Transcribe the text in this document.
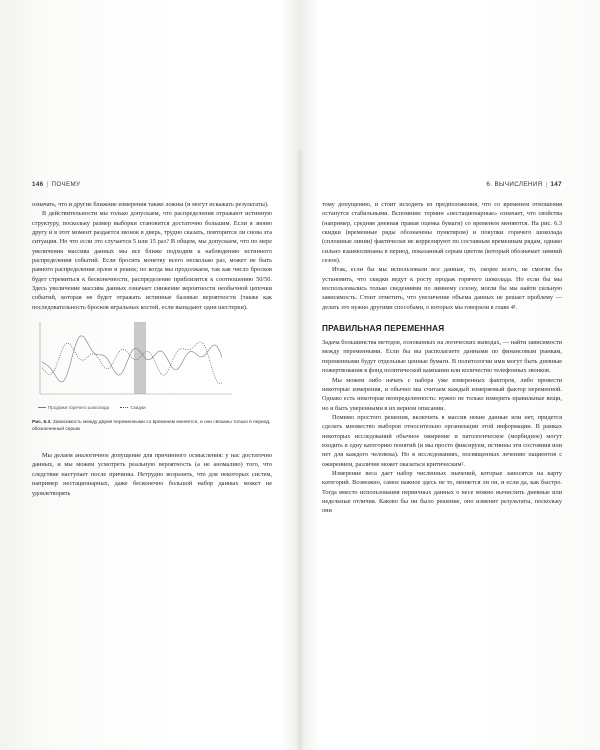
146 | ПОЧЕМУ

означать, что и другие ближние измерения также ложны (и могут искажать результаты).

В действительности мы только допускаем, что распределения отражают истинную структуру, поскольку размер выборки становится достаточно большим. Если я звоню другу и в этот момент раздается звонок в дверь, трудно сказать, повторится ли снова эта ситуация. Но что если это случается 5 или 15 раз? В общем, мы допускаем, что по мере увеличения массива данных мы все ближе подходим к наблюдению истинного распределения событий. Если бросить монетку всего несколько раз, может не быть равного распределения орлов и решек; но когда мы продолжаем, так как число бросков будет стремиться к бесконечности, распределение приблизится к соотношению 50/50. Здесь увеличение массива данных означает снижение вероятности необычной цепочки событий, которая не будет отражать истинные базовые вероятности (также как последовательность бросков игральных костей, если выпадают одни шестерки).

Продажи горячего шоколада	Скидки
Рис. 6.3. Зависимость между двумя переменными со временем меняется, и они связаны только в период, обозначенный серым

Мы делаем аналогичное допущение для причинного осмысления: у нас достаточно данных, и мы можем усмотреть реальную вероятность (а не аномалию) того, что следствие наступает после причины. Нетрудно возразить, что для некоторых систем, например нестационарных, даже бесконечно большой набор данных может не удовлетворять

6. ВЫЧИСЛЕНИЯ | 147

тому допущению, и стоит исходить из предположения, что со временем отношения останутся стабильными. Вспомним: термин «нестационарные» означает, что свойства (например, средняя дневная правая оценка бумаги) со временем меняются. На рис. 6.3 скидки (временные ряды обозначены пунктиром) и покупки горячего шоколада (сплошные линии) фактически не коррелируют по составным временным рядам, однако сильно взаимосвязаны в период, показанный серым цветом (который обозначает зимний сезон).

Итак, если бы мы использовали все данные, то, скорее всего, не смогли бы установить, что скидки ведут к росту продаж горячего шоколада. Но если бы мы воспользовались только сведениями по зимнему сезону, могли бы мы найти сильную зависимость. Стоит отметить, что увеличение объема данных не решает проблему — делать это нужно другими способами, о которых мы говорили в главе 4¹.

ПРАВИЛЬНАЯ ПЕРЕМЕННАЯ

Задача большинства методов, основанных на логических выводах, — найти зависимости между переменными. Если бы вы располагаете данными по финансовым рынкам, переменными будут отдельные ценные бумаги. В политологии ими могут быть дневные пожертвования в фонд политической кампании или количество телефонных звонков.

Мы можем либо начать с набора уже измеренных факторов, либо провести некоторые измерения, и обычно мы считаем каждый измеряемый фактор переменной. Однако есть некоторая неопределенность: нужно не только измерить правильные вещи, но и быть уверенными в их верном описании.

Помимо простого решения, включить в массив некие данные или нет, придется сделать множество выборов относительно организации этой информации. В рамках некоторых исследований обычное ожирение и патологическое (морбидное) могут входить в одну категорию понятий (и мы просто фиксируем, истинны эти состояния или нет для каждого человека). Но в исследованиях, посвященных лечению пациентов с ожирением, различие может оказаться критическим².

Измерение веса дает набор численных значений, которые заносятся на карту категорий. Возможно, самое важное здесь не то, меняется ли он, и если да, как быстро. Тогда вместо использования первичных данных о весе можно вычислить дневные или недельные отличия. Каково бы ни было решение, оно изменит результаты, поскольку они
